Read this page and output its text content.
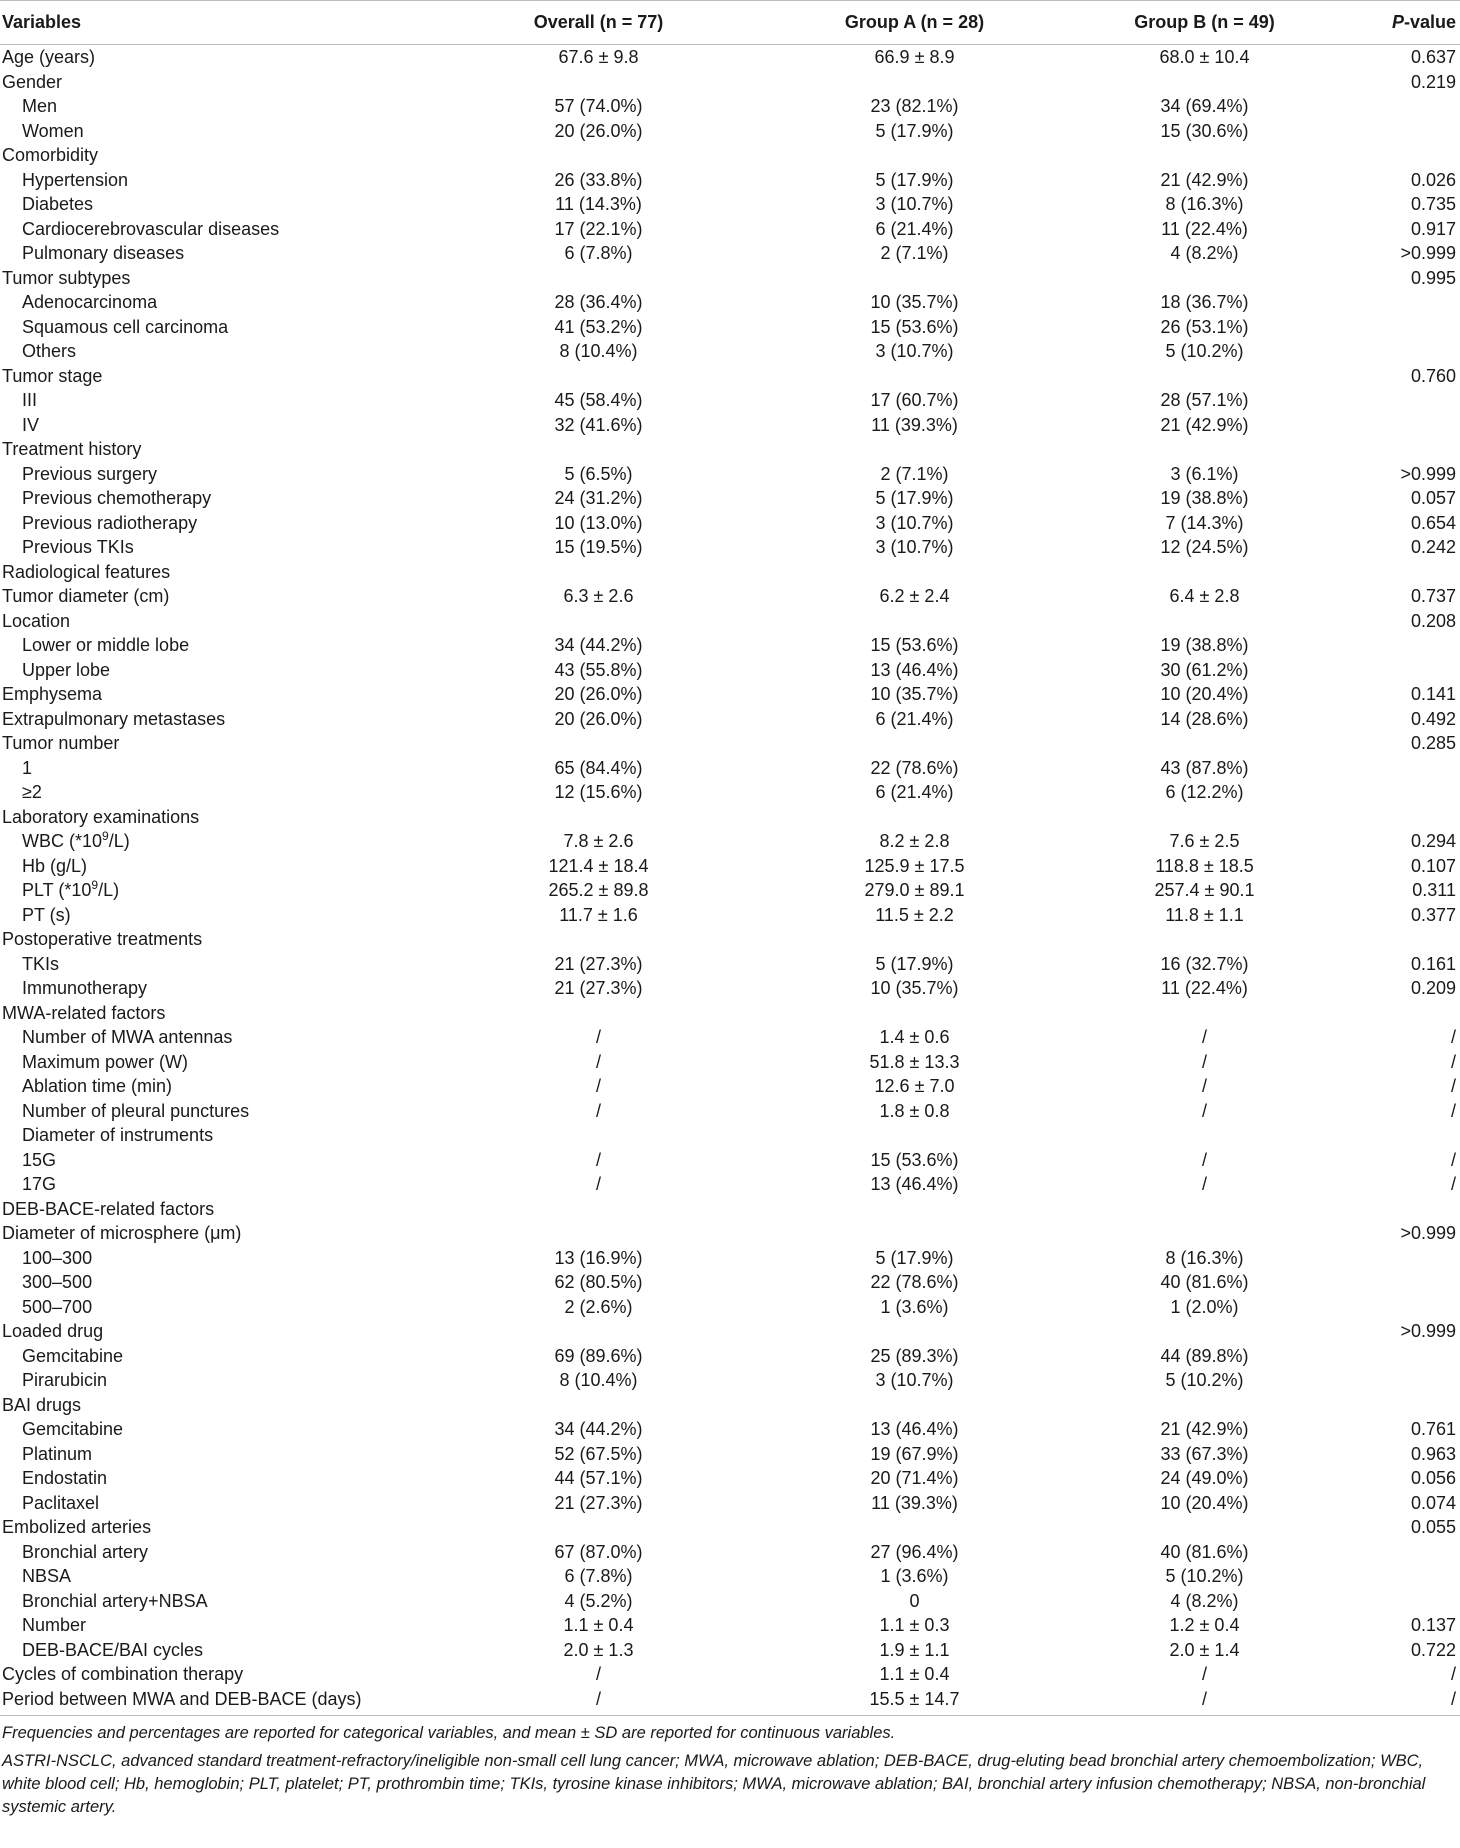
Variables	Overall (n = 77)	Group A (n = 28)	Group B (n = 49)	P-value
Age (years)	67.6 ± 9.8	66.9 ± 8.9	68.0 ± 10.4	0.637
Gender				0.219
Men	57 (74.0%)	23 (82.1%)	34 (69.4%)	
Women	20 (26.0%)	5 (17.9%)	15 (30.6%)	
Comorbidity				
Hypertension	26 (33.8%)	5 (17.9%)	21 (42.9%)	0.026
Diabetes	11 (14.3%)	3 (10.7%)	8 (16.3%)	0.735
Cardiocerebrovascular diseases	17 (22.1%)	6 (21.4%)	11 (22.4%)	0.917
Pulmonary diseases	6 (7.8%)	2 (7.1%)	4 (8.2%)	>0.999
Tumor subtypes				0.995
Adenocarcinoma	28 (36.4%)	10 (35.7%)	18 (36.7%)	
Squamous cell carcinoma	41 (53.2%)	15 (53.6%)	26 (53.1%)	
Others	8 (10.4%)	3 (10.7%)	5 (10.2%)	
Tumor stage				0.760
III	45 (58.4%)	17 (60.7%)	28 (57.1%)	
IV	32 (41.6%)	11 (39.3%)	21 (42.9%)	
Treatment history				
Previous surgery	5 (6.5%)	2 (7.1%)	3 (6.1%)	>0.999
Previous chemotherapy	24 (31.2%)	5 (17.9%)	19 (38.8%)	0.057
Previous radiotherapy	10 (13.0%)	3 (10.7%)	7 (14.3%)	0.654
Previous TKIs	15 (19.5%)	3 (10.7%)	12 (24.5%)	0.242
Radiological features				
Tumor diameter (cm)	6.3 ± 2.6	6.2 ± 2.4	6.4 ± 2.8	0.737
Location				0.208
Lower or middle lobe	34 (44.2%)	15 (53.6%)	19 (38.8%)	
Upper lobe	43 (55.8%)	13 (46.4%)	30 (61.2%)	
Emphysema	20 (26.0%)	10 (35.7%)	10 (20.4%)	0.141
Extrapulmonary metastases	20 (26.0%)	6 (21.4%)	14 (28.6%)	0.492
Tumor number				0.285
1	65 (84.4%)	22 (78.6%)	43 (87.8%)	
≥2	12 (15.6%)	6 (21.4%)	6 (12.2%)	
Laboratory examinations				
WBC $(*10^9/L)$	7.8 ± 2.6	8.2 ± 2.8	7.6 ± 2.5	0.294
Hb (g/L)	121.4 ± 18.4	125.9 ± 17.5	118.8 ± 18.5	0.107
PLT $(*10^9/L)$	265.2 ± 89.8	279.0 ± 89.1	257.4 ± 90.1	0.311
PT (s)	11.7 ± 1.6	11.5 ± 2.2	11.8 ± 1.1	0.377
Postoperative treatments				
TKIs	21 (27.3%)	5 (17.9%)	16 (32.7%)	0.161
Immunotherapy	21 (27.3%)	10 (35.7%)	11 (22.4%)	0.209
MWA-related factors				
Number of MWA antennas	/	1.4 ± 0.6	/	/
Maximum power (W)	/	51.8 ± 13.3	/	/
Ablation time (min)	/	12.6 ± 7.0	/	/
Number of pleural punctures	/	1.8 ± 0.8	/	/
Diameter of instruments				
15G	/	15 (53.6%)	/	/
17G	/	13 (46.4%)	/	/
DEB-BACE-related factors				
Diameter of microsphere (μm)				>0.999
100–300	13 (16.9%)	5 (17.9%)	8 (16.3%)	
300–500	62 (80.5%)	22 (78.6%)	40 (81.6%)	
500–700	2 (2.6%)	1 (3.6%)	1 (2.0%)	
Loaded drug				>0.999
Gemcitabine	69 (89.6%)	25 (89.3%)	44 (89.8%)	
Pirarubicin	8 (10.4%)	3 (10.7%)	5 (10.2%)	
BAI drugs				
Gemcitabine	34 (44.2%)	13 (46.4%)	21 (42.9%)	0.761
Platinum	52 (67.5%)	19 (67.9%)	33 (67.3%)	0.963
Endostatin	44 (57.1%)	20 (71.4%)	24 (49.0%)	0.056
Paclitaxel	21 (27.3%)	11 (39.3%)	10 (20.4%)	0.074
Embolized arteries				0.055
Bronchial artery	67 (87.0%)	27 (96.4%)	40 (81.6%)	
NBSA	6 (7.8%)	1 (3.6%)	5 (10.2%)	
Bronchial artery+NBSA	4 (5.2%)	0	4 (8.2%)	
Number	1.1 ± 0.4	1.1 ± 0.3	1.2 ± 0.4	0.137
DEB-BACE/BAI cycles	2.0 ± 1.3	1.9 ± 1.1	2.0 ± 1.4	0.722
Cycles of combination therapy	/	1.1 ± 0.4	/	/
Period between MWA and DEB-BACE (days)	/	15.5 ± 14.7	/	/

Frequencies and percentages are reported for categorical variables, and mean ± SD are reported for continuous variables.

ASTRI-NSCLC, advanced standard treatment-refractory/ineligible non-small cell lung cancer; MWA, microwave ablation; DEB-BACE, drug-eluting bead bronchial artery chemoembolization; WBC, white blood cell; Hb, hemoglobin; PLT, platelet; PT, prothrombin time; TKIs, tyrosine kinase inhibitors; MWA, microwave ablation; BAI, bronchial artery infusion chemotherapy; NBSA, non-bronchial systemic artery.
